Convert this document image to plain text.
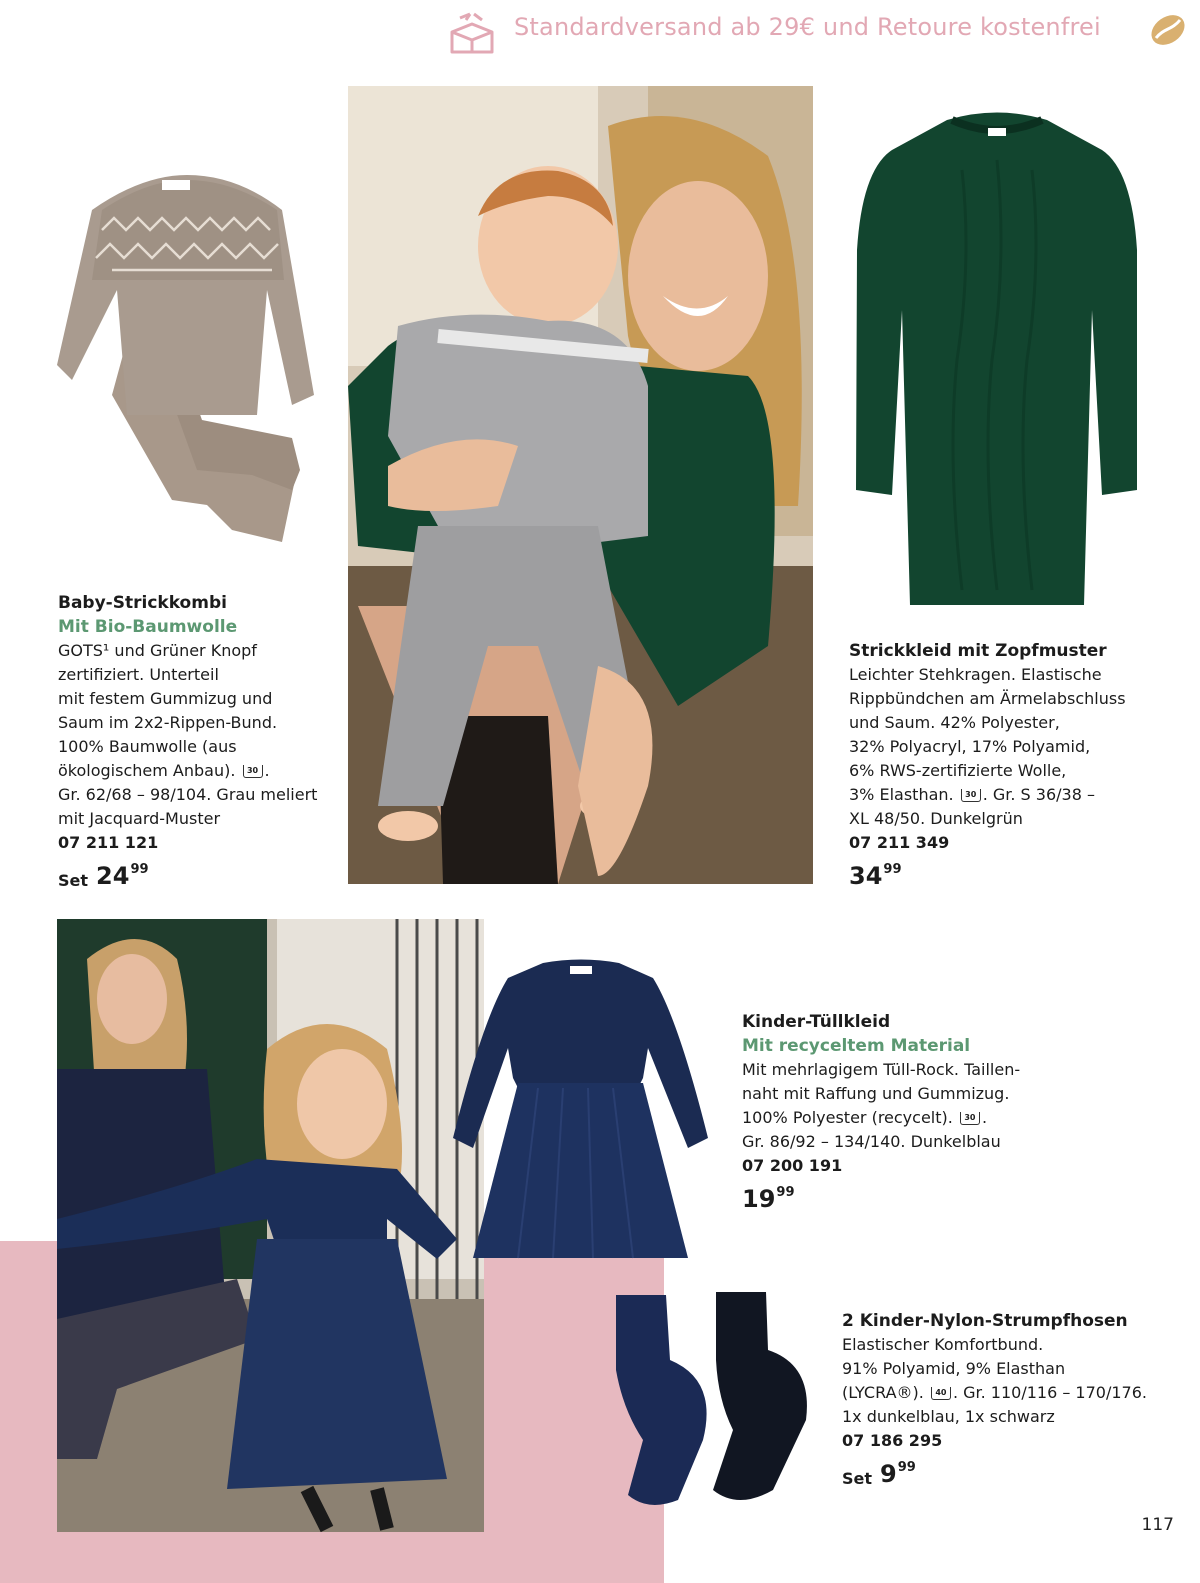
Standardversand ab 29€ und Retoure kostenfrei
Baby-Strickkombi
Mit Bio-Baumwolle
GOTS¹ und Grüner Knopf
zertifiziert. Unterteil
mit festem Gummizug und
Saum im 2x2-Rippen-Bund.
100% Baumwolle (aus
ökologischem Anbau). 30 .
Gr. 62/68 – 98/104. Grau meliert
mit Jacquard-Muster
07 211 121
Set 24 99
Strickkleid mit Zopfmuster
Leichter Stehkragen. Elastische
Rippbündchen am Ärmelabschluss
und Saum. 42% Polyester,
32% Polyacryl, 17% Polyamid,
6% RWS-zertifizierte Wolle,
3% Elasthan. 30 . Gr. S 36/38 –
XL 48/50. Dunkelgrün
07 211 349
34 99
Kinder-Tüllkleid
Mit recyceltem Material
Mit mehrlagigem Tüll-Rock. Taillen-
naht mit Raffung und Gummizug.
100% Polyester (recycelt). 30 .
Gr. 86/92 – 134/140. Dunkelblau
07 200 191
19 99
2 Kinder-Nylon-Strumpfhosen
Elastischer Komfortbund.
91% Polyamid, 9% Elasthan
(LYCRA®). 40 . Gr. 110/116 – 170/176.
1x dunkelblau, 1x schwarz
07 186 295
Set 9 99
117
